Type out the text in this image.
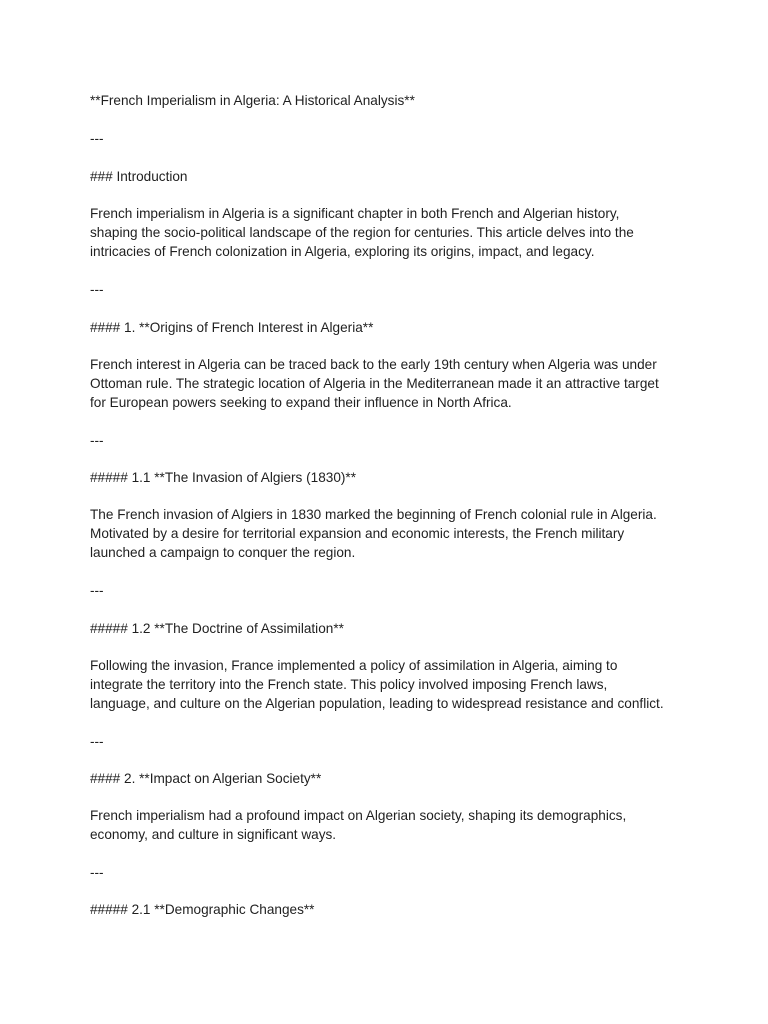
**French Imperialism in Algeria: A Historical Analysis**
---
### Introduction
French imperialism in Algeria is a significant chapter in both French and Algerian history,
shaping the socio-political landscape of the region for centuries. This article delves into the
intricacies of French colonization in Algeria, exploring its origins, impact, and legacy.
---
#### 1. **Origins of French Interest in Algeria**
French interest in Algeria can be traced back to the early 19th century when Algeria was under
Ottoman rule. The strategic location of Algeria in the Mediterranean made it an attractive target
for European powers seeking to expand their influence in North Africa.
---
##### 1.1 **The Invasion of Algiers (1830)**
The French invasion of Algiers in 1830 marked the beginning of French colonial rule in Algeria.
Motivated by a desire for territorial expansion and economic interests, the French military
launched a campaign to conquer the region.
---
##### 1.2 **The Doctrine of Assimilation**
Following the invasion, France implemented a policy of assimilation in Algeria, aiming to
integrate the territory into the French state. This policy involved imposing French laws,
language, and culture on the Algerian population, leading to widespread resistance and conflict.
---
#### 2. **Impact on Algerian Society**
French imperialism had a profound impact on Algerian society, shaping its demographics,
economy, and culture in significant ways.
---
##### 2.1 **Demographic Changes**
